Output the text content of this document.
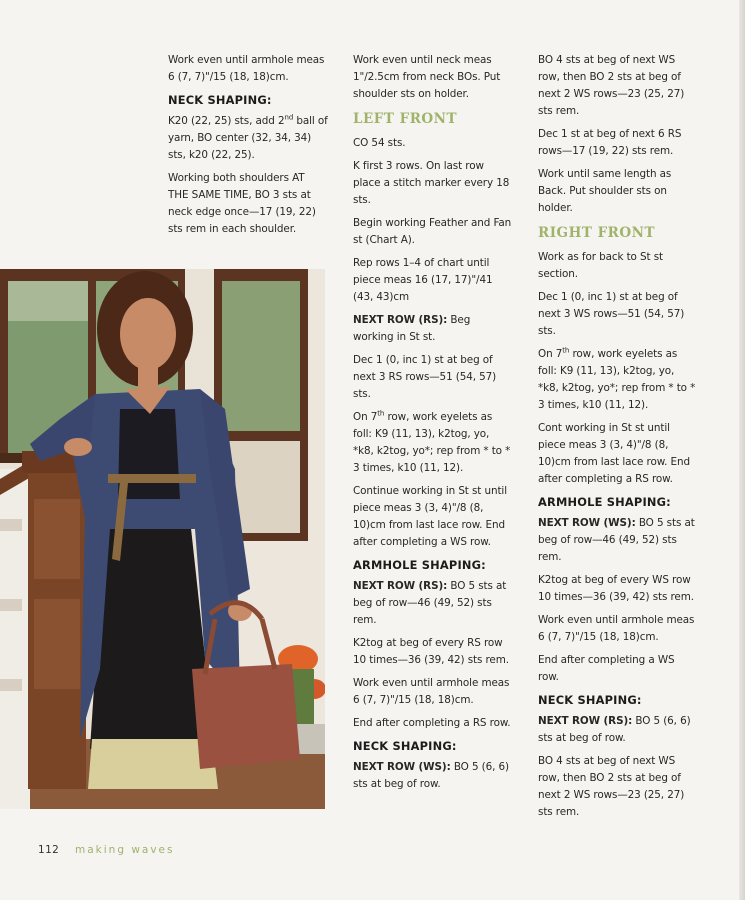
Work even until armhole meas 6 (7, 7)"/15 (18, 18)cm.

NECK SHAPING:

K20 (22, 25) sts, add 2nd ball of yarn, BO center (32, 34, 34) sts, k20 (22, 25).

Working both shoulders AT THE SAME TIME, BO 3 sts at neck edge once—17 (19, 22) sts rem in each shoulder.

Work even until neck meas 1"/2.5cm from neck BOs. Put shoulder sts on holder.

LEFT FRONT

CO 54 sts.

K first 3 rows. On last row place a stitch marker every 18 sts.

Begin working Feather and Fan st (Chart A).

Rep rows 1–4 of chart until piece meas 16 (17, 17)"/41 (43, 43)cm

NEXT ROW (RS): Beg working in St st.

Dec 1 (0, inc 1) st at beg of next 3 RS rows—51 (54, 57) sts.

On 7th row, work eyelets as foll: K9 (11, 13), k2tog, yo, *k8, k2tog, yo*; rep from * to * 3 times, k10 (11, 12).

Continue working in St st until piece meas 3 (3, 4)"/8 (8, 10)cm from last lace row. End after completing a WS row.

ARMHOLE SHAPING:

NEXT ROW (RS): BO 5 sts at beg of row—46 (49, 52) sts rem.

K2tog at beg of every RS row 10 times—36 (39, 42) sts rem.

Work even until armhole meas 6 (7, 7)"/15 (18, 18)cm.

End after completing a RS row.

NECK SHAPING:

NEXT ROW (WS): BO 5 (6, 6) sts at beg of row.

BO 4 sts at beg of next WS row, then BO 2 sts at beg of next 2 WS rows—23 (25, 27) sts rem.

Dec 1 st at beg of next 6 RS rows—17 (19, 22) sts rem.

Work until same length as Back. Put shoulder sts on holder.

RIGHT FRONT

Work as for back to St st section.

Dec 1 (0, inc 1) st at beg of next 3 WS rows—51 (54, 57) sts.

On 7th row, work eyelets as foll: K9 (11, 13), k2tog, yo, *k8, k2tog, yo*; rep from * to * 3 times, k10 (11, 12).

Cont working in St st until piece meas 3 (3, 4)"/8 (8, 10)cm from last lace row. End after completing a RS row.

ARMHOLE SHAPING:

NEXT ROW (WS): BO 5 sts at beg of row—46 (49, 52) sts rem.

K2tog at beg of every WS row 10 times—36 (39, 42) sts rem.

Work even until armhole meas 6 (7, 7)"/15 (18, 18)cm.

End after completing a WS row.

NECK SHAPING:

NEXT ROW (RS): BO 5 (6, 6) sts at beg of row.

BO 4 sts at beg of next WS row, then BO 2 sts at beg of next 2 WS rows—23 (25, 27) sts rem.

112 making waves
